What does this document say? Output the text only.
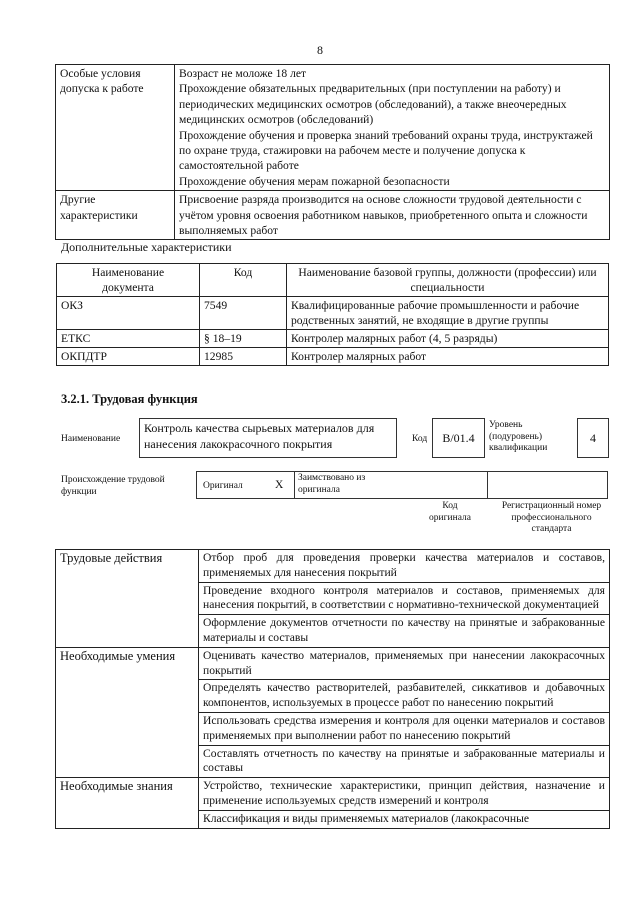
8
Особые условия допуска к работе	Возраст не моложе 18 лет
Прохождение обязательных предварительных (при поступлении на работу) и периодических медицинских осмотров (обследований), а также внеочередных медицинских осмотров (обследований)
Прохождение обучения и проверка знаний требований охраны труда, инструктажей по охране труда, стажировки на рабочем месте и получение допуска к самостоятельной работе
Прохождение обучения мерам пожарной безопасности

Другие характеристики	Присвоение разряда производится на основе сложности трудовой деятельности с учётом уровня освоения работником навыков, приобретенного опыта и сложности выполняемых работ
Дополнительные характеристики
Наименование документа	Код	Наименование базовой группы, должности (профессии) или специальности
ОКЗ	7549	Квалифицированные рабочие промышленности и рабочие родственных занятий, не входящие в другие группы
ЕТКС	§ 18–19	Контролер малярных работ (4, 5 разряды)
ОКПДТР	12985	Контролер малярных работ
3.2.1. Трудовая функция
Наименование
Контроль качества сырьевых материалов для нанесения лакокрасочного покрытия	Код	B/01.4
Уровень (подуровень) квалификации
4
Происхождение трудовой функции
Оригинал	X
Заимствовано из оригинала
Код оригинала
Регистрационный номер профессионального стандарта
Трудовые действия	Отбор проб для проведения проверки качества материалов и составов, применяемых для нанесения покрытий
	Проведение входного контроля материалов и составов, применяемых для нанесения покрытий, в соответствии с нормативно-технической документацией
	Оформление документов отчетности по качеству на принятые и забракованные материалы и составы
Необходимые умения	Оценивать качество материалов, применяемых при нанесении лакокрасочных покрытий
	Определять качество растворителей, разбавителей, сиккативов и добавочных компонентов, используемых в процессе работ по нанесению покрытий
	Использовать средства измерения и контроля для оценки материалов и составов применяемых при выполнении работ по нанесению покрытий
	Составлять отчетность по качеству на принятые и забракованные материалы и составы
Необходимые знания	Устройство, технические характеристики, принцип действия, назначение и применение используемых средств измерений и контроля
	Классификация и виды применяемых материалов (лакокрасочные
